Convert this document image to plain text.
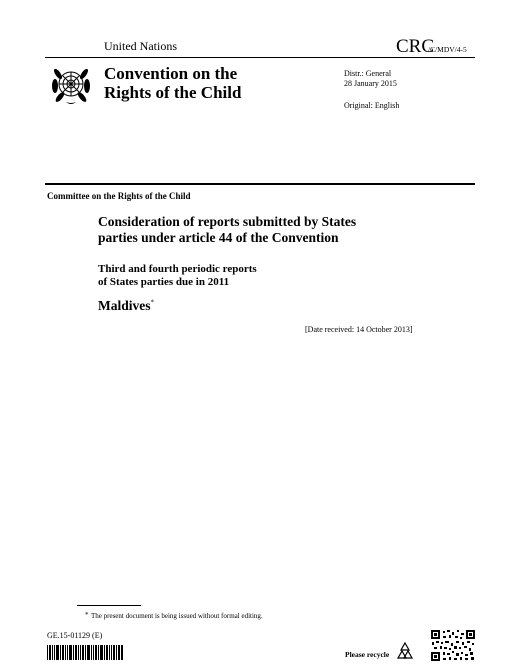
United Nations	CRC
/C/MDV/4-5
Convention on the
Rights of the Child
Distr.: General
28 January 2015
Original: English
Committee on the Rights of the Child
Consideration of reports submitted by States
parties under article 44 of the Convention
Third and fourth periodic reports
of States parties due in 2011
Maldives*
[Date received: 14 October 2013]
* The present document is being issued without formal editing.
GE.15-01129 (E)
Please recycle
